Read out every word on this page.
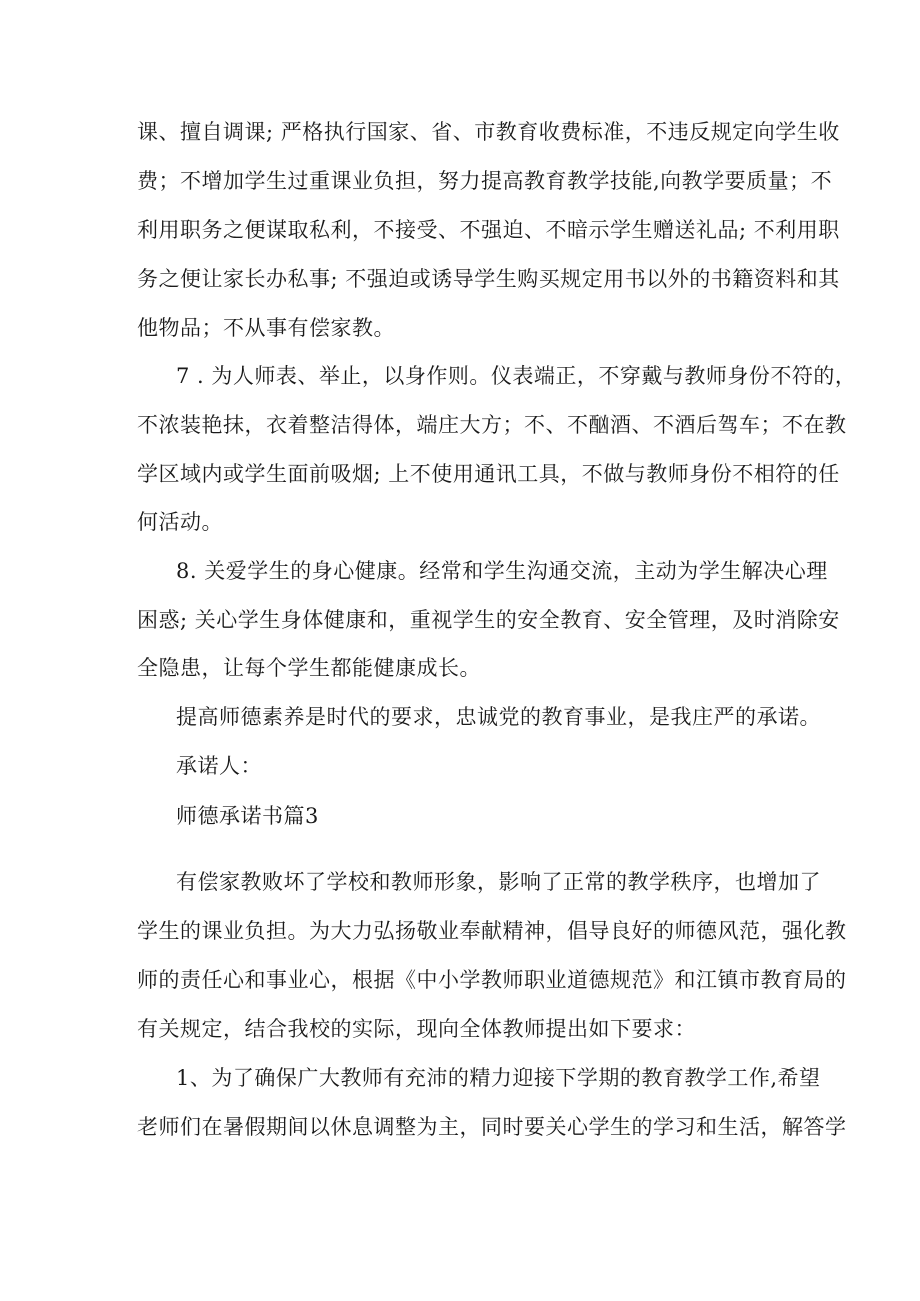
课、擅自调课; 严格执行国家、省、市教育收费标准，不违反规定向学生收
费；不增加学生过重课业负担，努力提高教育教学技能,向教学要质量；不
利用职务之便谋取私利，不接受、不强迫、不暗示学生赠送礼品; 不利用职
务之便让家长办私事; 不强迫或诱导学生购买规定用书以外的书籍资料和其
他物品；不从事有偿家教。
7 . 为人师表、举止，以身作则。仪表端正，不穿戴与教师身份不符的，
不浓装艳抹，衣着整洁得体，端庄大方；不、不酗酒、不酒后驾车；不在教
学区域内或学生面前吸烟; 上不使用通讯工具，不做与教师身份不相符的任
何活动。
8. 关爱学生的身心健康。经常和学生沟通交流，主动为学生解决心理
困惑; 关心学生身体健康和，重视学生的安全教育、安全管理，及时消除安
全隐患，让每个学生都能健康成长。
提高师德素养是时代的要求，忠诚党的教育事业，是我庄严的承诺。
承诺人：
师德承诺书篇3
有偿家教败坏了学校和教师形象，影响了正常的教学秩序，也增加了
学生的课业负担。为大力弘扬敬业奉献精神，倡导良好的师德风范，强化教
师的责任心和事业心，根据《中小学教师职业道德规范》和江镇市教育局的
有关规定，结合我校的实际，现向全体教师提出如下要求：
1、为了确保广大教师有充沛的精力迎接下学期的教育教学工作,希望
老师们在暑假期间以休息调整为主，同时要关心学生的学习和生活，解答学
